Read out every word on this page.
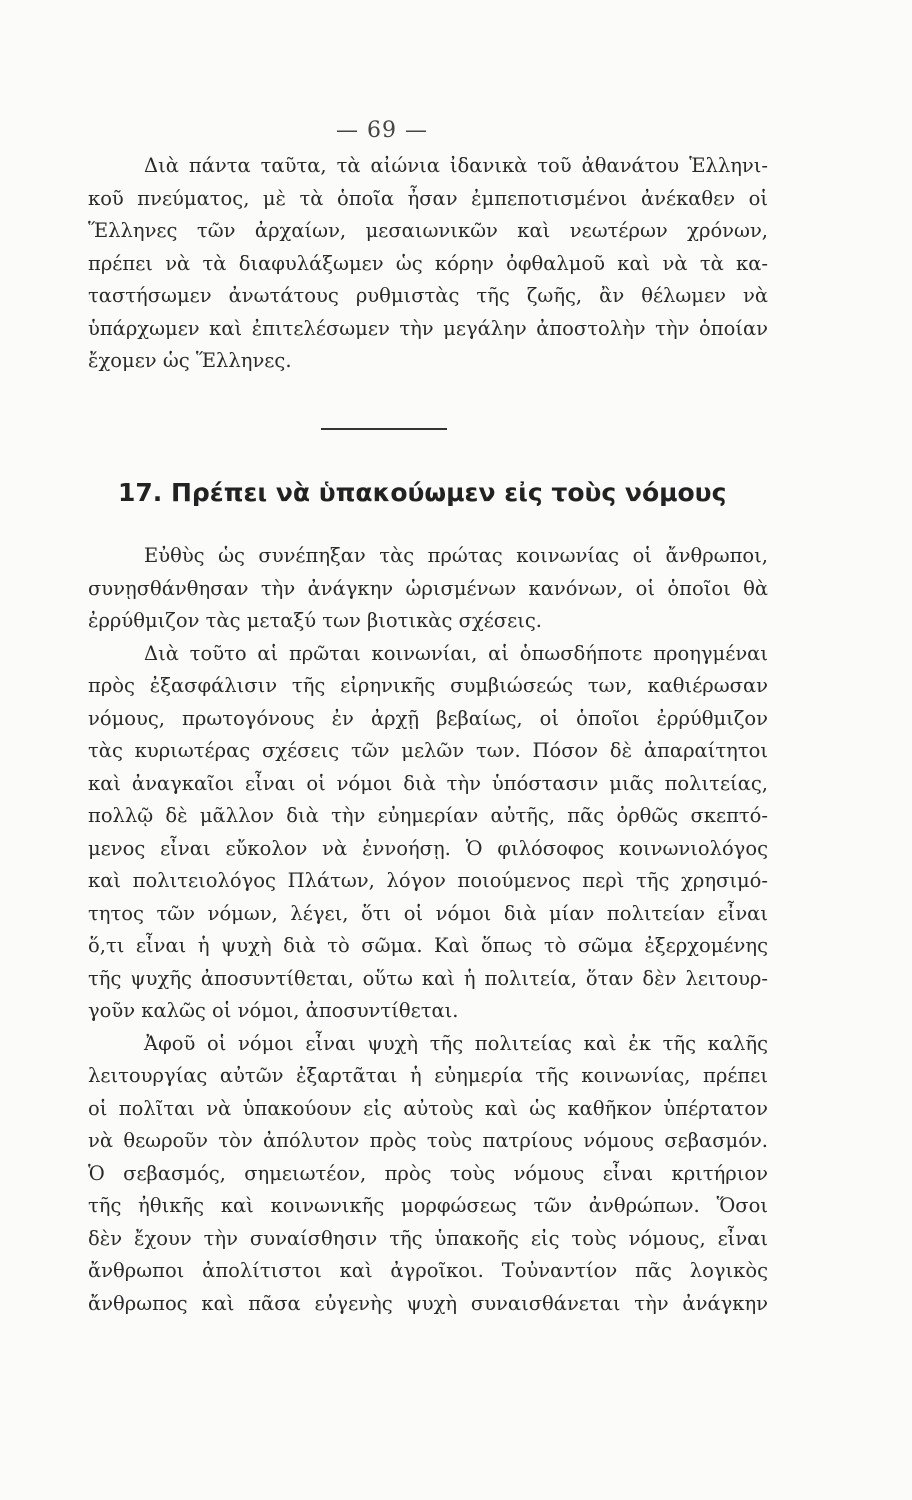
— 69 —
Διὰ πάντα ταῦτα, τὰ αἰώνια ἰδανικὰ τοῦ ἀθανάτου Ἑλληνι-
κοῦ πνεύματος, μὲ τὰ ὁποῖα ἦσαν ἐμπεποτισμένοι ἀνέκαθεν οἱ
Ἕλληνες τῶν ἀρχαίων, μεσαιωνικῶν καὶ νεωτέρων χρόνων,
πρέπει νὰ τὰ διαφυλάξωμεν ὡς κόρην ὀφθαλμοῦ καὶ νὰ τὰ κα-
ταστήσωμεν ἀνωτάτους ρυθμιστὰς τῆς ζωῆς, ἂν θέλωμεν νὰ
ὑπάρχωμεν καὶ ἐπιτελέσωμεν τὴν μεγάλην ἀποστολὴν τὴν ὁποίαν
ἔχομεν ὡς Ἕλληνες.
17. Πρέπει νὰ ὑπακούωμεν εἰς τοὺς νόμους
Εὐθὺς ὡς συνέπηξαν τὰς πρώτας κοινωνίας οἱ ἄνθρωποι,
συνῃσθάνθησαν τὴν ἀνάγκην ὡρισμένων κανόνων, οἱ ὁποῖοι θὰ
ἐρρύθμιζον τὰς μεταξύ των βιοτικὰς σχέσεις.
Διὰ τοῦτο αἱ πρῶται κοινωνίαι, αἱ ὁπωσδήποτε προηγμέναι
πρὸς ἐξασφάλισιν τῆς εἰρηνικῆς συμβιώσεώς των, καθιέρωσαν
νόμους, πρωτογόνους ἐν ἀρχῇ βεβαίως, οἱ ὁποῖοι ἐρρύθμιζον
τὰς κυριωτέρας σχέσεις τῶν μελῶν των. Πόσον δὲ ἀπαραίτητοι
καὶ ἀναγκαῖοι εἶναι οἱ νόμοι διὰ τὴν ὑπόστασιν μιᾶς πολιτείας,
πολλῷ δὲ μᾶλλον διὰ τὴν εὐημερίαν αὐτῆς, πᾶς ὀρθῶς σκεπτό-
μενος εἶναι εὔκολον νὰ ἐννοήσῃ. Ὁ φιλόσοφος κοινωνιολόγος
καὶ πολιτειολόγος Πλάτων, λόγον ποιούμενος περὶ τῆς χρησιμό-
τητος τῶν νόμων, λέγει, ὅτι οἱ νόμοι διὰ μίαν πολιτείαν εἶναι
ὅ,τι εἶναι ἡ ψυχὴ διὰ τὸ σῶμα. Καὶ ὅπως τὸ σῶμα ἐξερχομένης
τῆς ψυχῆς ἀποσυντίθεται, οὕτω καὶ ἡ πολιτεία, ὅταν δὲν λειτουρ-
γοῦν καλῶς οἱ νόμοι, ἀποσυντίθεται.
Ἀφοῦ οἱ νόμοι εἶναι ψυχὴ τῆς πολιτείας καὶ ἐκ τῆς καλῆς
λειτουργίας αὐτῶν ἐξαρτᾶται ἡ εὐημερία τῆς κοινωνίας, πρέπει
οἱ πολῖται νὰ ὑπακούουν εἰς αὐτοὺς καὶ ὡς καθῆκον ὑπέρτατον
νὰ θεωροῦν τὸν ἀπόλυτον πρὸς τοὺς πατρίους νόμους σεβασμόν.
Ὁ σεβασμός, σημειωτέον, πρὸς τοὺς νόμους εἶναι κριτήριον
τῆς ἠθικῆς καὶ κοινωνικῆς μορφώσεως τῶν ἀνθρώπων. Ὅσοι
δὲν ἔχουν τὴν συναίσθησιν τῆς ὑπακοῆς εἰς τοὺς νόμους, εἶναι
ἄνθρωποι ἀπολίτιστοι καὶ ἀγροῖκοι. Τοὐναντίον πᾶς λογικὸς
ἄνθρωπος καὶ πᾶσα εὐγενὴς ψυχὴ συναισθάνεται τὴν ἀνάγκην
